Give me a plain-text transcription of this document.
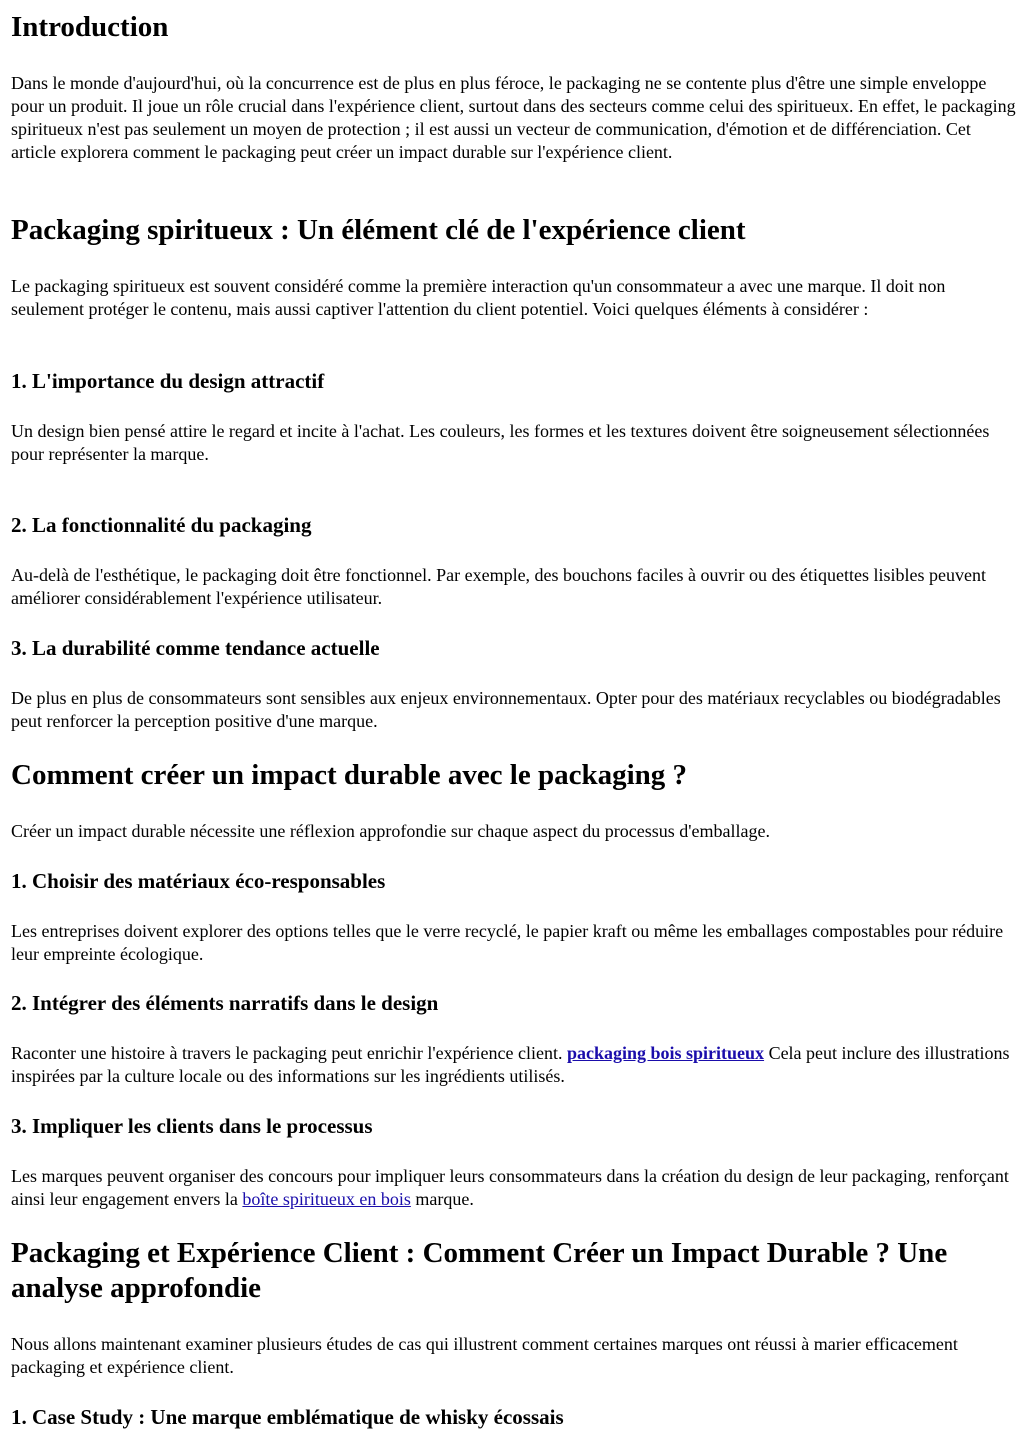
Introduction

Dans le monde d'aujourd'hui, où la concurrence est de plus en plus féroce, le packaging ne se contente plus d'être une simple enveloppe pour un produit. Il joue un rôle crucial dans l'expérience client, surtout dans des secteurs comme celui des spiritueux. En effet, le packaging spiritueux n'est pas seulement un moyen de protection ; il est aussi un vecteur de communication, d'émotion et de différenciation. Cet article explorera comment le packaging peut créer un impact durable sur l'expérience client.

Packaging spiritueux : Un élément clé de l'expérience client

Le packaging spiritueux est souvent considéré comme la première interaction qu'un consommateur a avec une marque. Il doit non seulement protéger le contenu, mais aussi captiver l'attention du client potentiel. Voici quelques éléments à considérer :

1. L'importance du design attractif

Un design bien pensé attire le regard et incite à l'achat. Les couleurs, les formes et les textures doivent être soigneusement sélectionnées pour représenter la marque.

2. La fonctionnalité du packaging

Au-delà de l'esthétique, le packaging doit être fonctionnel. Par exemple, des bouchons faciles à ouvrir ou des étiquettes lisibles peuvent améliorer considérablement l'expérience utilisateur.

3. La durabilité comme tendance actuelle

De plus en plus de consommateurs sont sensibles aux enjeux environnementaux. Opter pour des matériaux recyclables ou biodégradables peut renforcer la perception positive d'une marque.

Comment créer un impact durable avec le packaging ?

Créer un impact durable nécessite une réflexion approfondie sur chaque aspect du processus d'emballage.

1. Choisir des matériaux éco-responsables

Les entreprises doivent explorer des options telles que le verre recyclé, le papier kraft ou même les emballages compostables pour réduire leur empreinte écologique.

2. Intégrer des éléments narratifs dans le design

Raconter une histoire à travers le packaging peut enrichir l'expérience client. packaging bois spiritueux Cela peut inclure des illustrations inspirées par la culture locale ou des informations sur les ingrédients utilisés.

3. Impliquer les clients dans le processus

Les marques peuvent organiser des concours pour impliquer leurs consommateurs dans la création du design de leur packaging, renforçant ainsi leur engagement envers la boîte spiritueux en bois marque.

Packaging et Expérience Client : Comment Créer un Impact Durable ? Une analyse approfondie

Nous allons maintenant examiner plusieurs études de cas qui illustrent comment certaines marques ont réussi à marier efficacement packaging et expérience client.

1. Case Study : Une marque emblématique de whisky écossais
